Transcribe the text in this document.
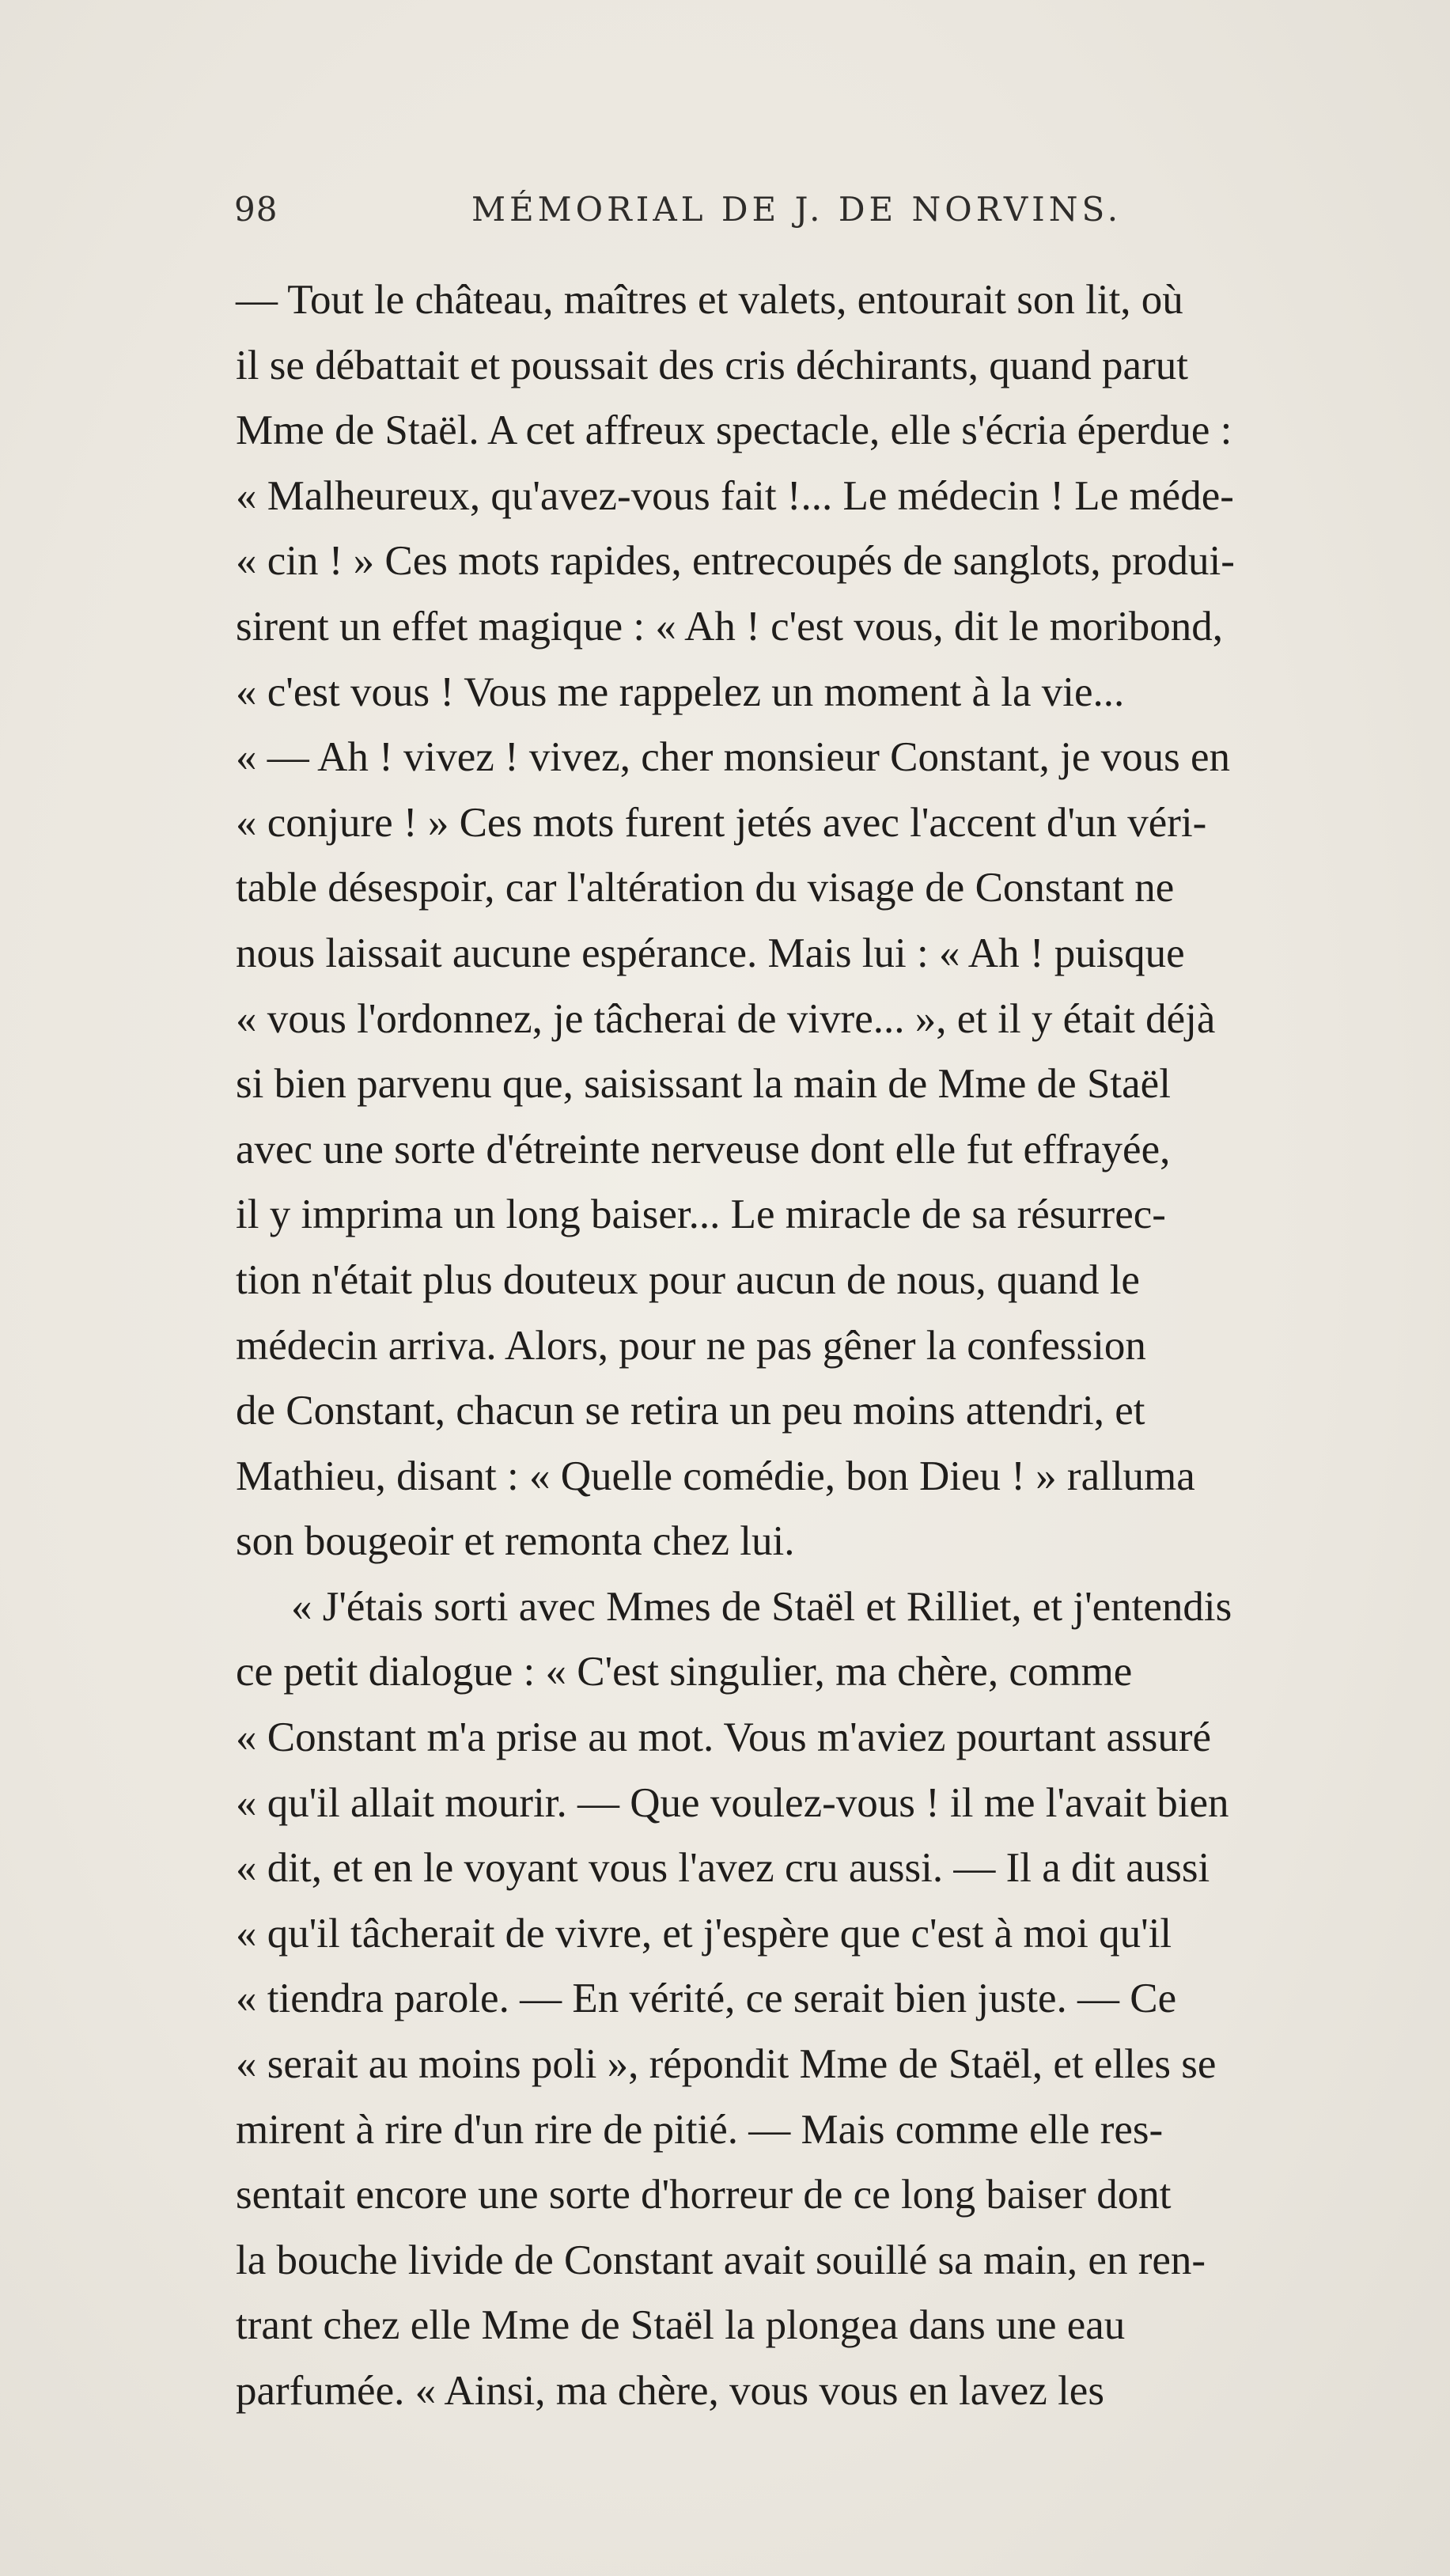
98	MÉMORIAL DE J. DE NORVINS.
— Tout le château, maîtres et valets, entourait son lit, où
il se débattait et poussait des cris déchirants, quand parut
Mme de Staël. A cet affreux spectacle, elle s'écria éperdue :
« Malheureux, qu'avez-vous fait !... Le médecin ! Le méde-
« cin ! » Ces mots rapides, entrecoupés de sanglots, produi-
sirent un effet magique : « Ah ! c'est vous, dit le moribond,
« c'est vous ! Vous me rappelez un moment à la vie...
« — Ah ! vivez ! vivez, cher monsieur Constant, je vous en
« conjure ! » Ces mots furent jetés avec l'accent d'un véri-
table désespoir, car l'altération du visage de Constant ne
nous laissait aucune espérance. Mais lui : « Ah ! puisque
« vous l'ordonnez, je tâcherai de vivre... », et il y était déjà
si bien parvenu que, saisissant la main de Mme de Staël
avec une sorte d'étreinte nerveuse dont elle fut effrayée,
il y imprima un long baiser... Le miracle de sa résurrec-
tion n'était plus douteux pour aucun de nous, quand le
médecin arriva. Alors, pour ne pas gêner la confession
de Constant, chacun se retira un peu moins attendri, et
Mathieu, disant : « Quelle comédie, bon Dieu ! » ralluma
son bougeoir et remonta chez lui.
« J'étais sorti avec Mmes de Staël et Rilliet, et j'entendis
ce petit dialogue : « C'est singulier, ma chère, comme
« Constant m'a prise au mot. Vous m'aviez pourtant assuré
« qu'il allait mourir. — Que voulez-vous ! il me l'avait bien
« dit, et en le voyant vous l'avez cru aussi. — Il a dit aussi
« qu'il tâcherait de vivre, et j'espère que c'est à moi qu'il
« tiendra parole. — En vérité, ce serait bien juste. — Ce
« serait au moins poli », répondit Mme de Staël, et elles se
mirent à rire d'un rire de pitié. — Mais comme elle res-
sentait encore une sorte d'horreur de ce long baiser dont
la bouche livide de Constant avait souillé sa main, en ren-
trant chez elle Mme de Staël la plongea dans une eau
parfumée. « Ainsi, ma chère, vous vous en lavez les
